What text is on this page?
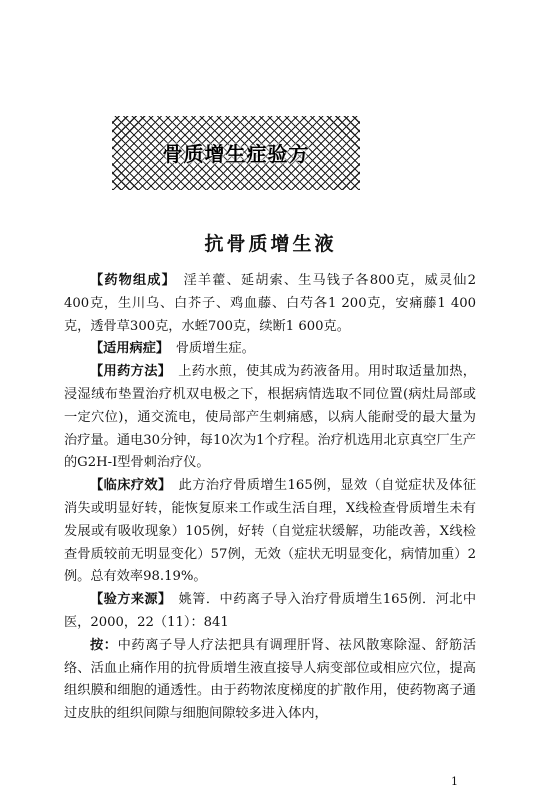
骨质增生症验方
抗骨质增生液

【药物组成】　淫羊藿、延胡索、生马钱子各800克，威灵仙2 400克，生川乌、白芥子、鸡血藤、白芍各1 200克，安痛藤1 400克，透骨草300克，水蛭700克，续断1 600克。

【适用病症】　骨质增生症。

【用药方法】　上药水煎，使其成为药液备用。用时取适量加热，浸湿绒布垫置治疗机双电极之下，根据病情选取不同位置(病灶局部或一定穴位)，通交流电，使局部产生刺痛感，以病人能耐受的最大量为治疗量。通电30分钟，每10次为1个疗程。治疗机选用北京真空厂生产的G2H-Ⅰ型骨刺治疗仪。

【临床疗效】　此方治疗骨质增生165例，显效（自觉症状及体征消失或明显好转，能恢复原来工作或生活自理，X线检查骨质增生未有发展或有吸收现象）105例，好转（自觉症状缓解，功能改善，X线检查骨质较前无明显变化）57例，无效（症状无明显变化，病情加重）2例。总有效率98.19%。

【验方来源】　姚箐．中药离子导入治疗骨质增生165例．河北中医，2000，22（11）：841

按：中药离子导人疗法把具有调理肝肾、祛风散寒除湿、舒筋活络、活血止痛作用的抗骨质增生液直接导人病变部位或相应穴位，提高组织膜和细胞的通透性。由于药物浓度梯度的扩散作用，使药物离子通过皮肤的组织间隙与细胞间隙较多进入体内，

1
